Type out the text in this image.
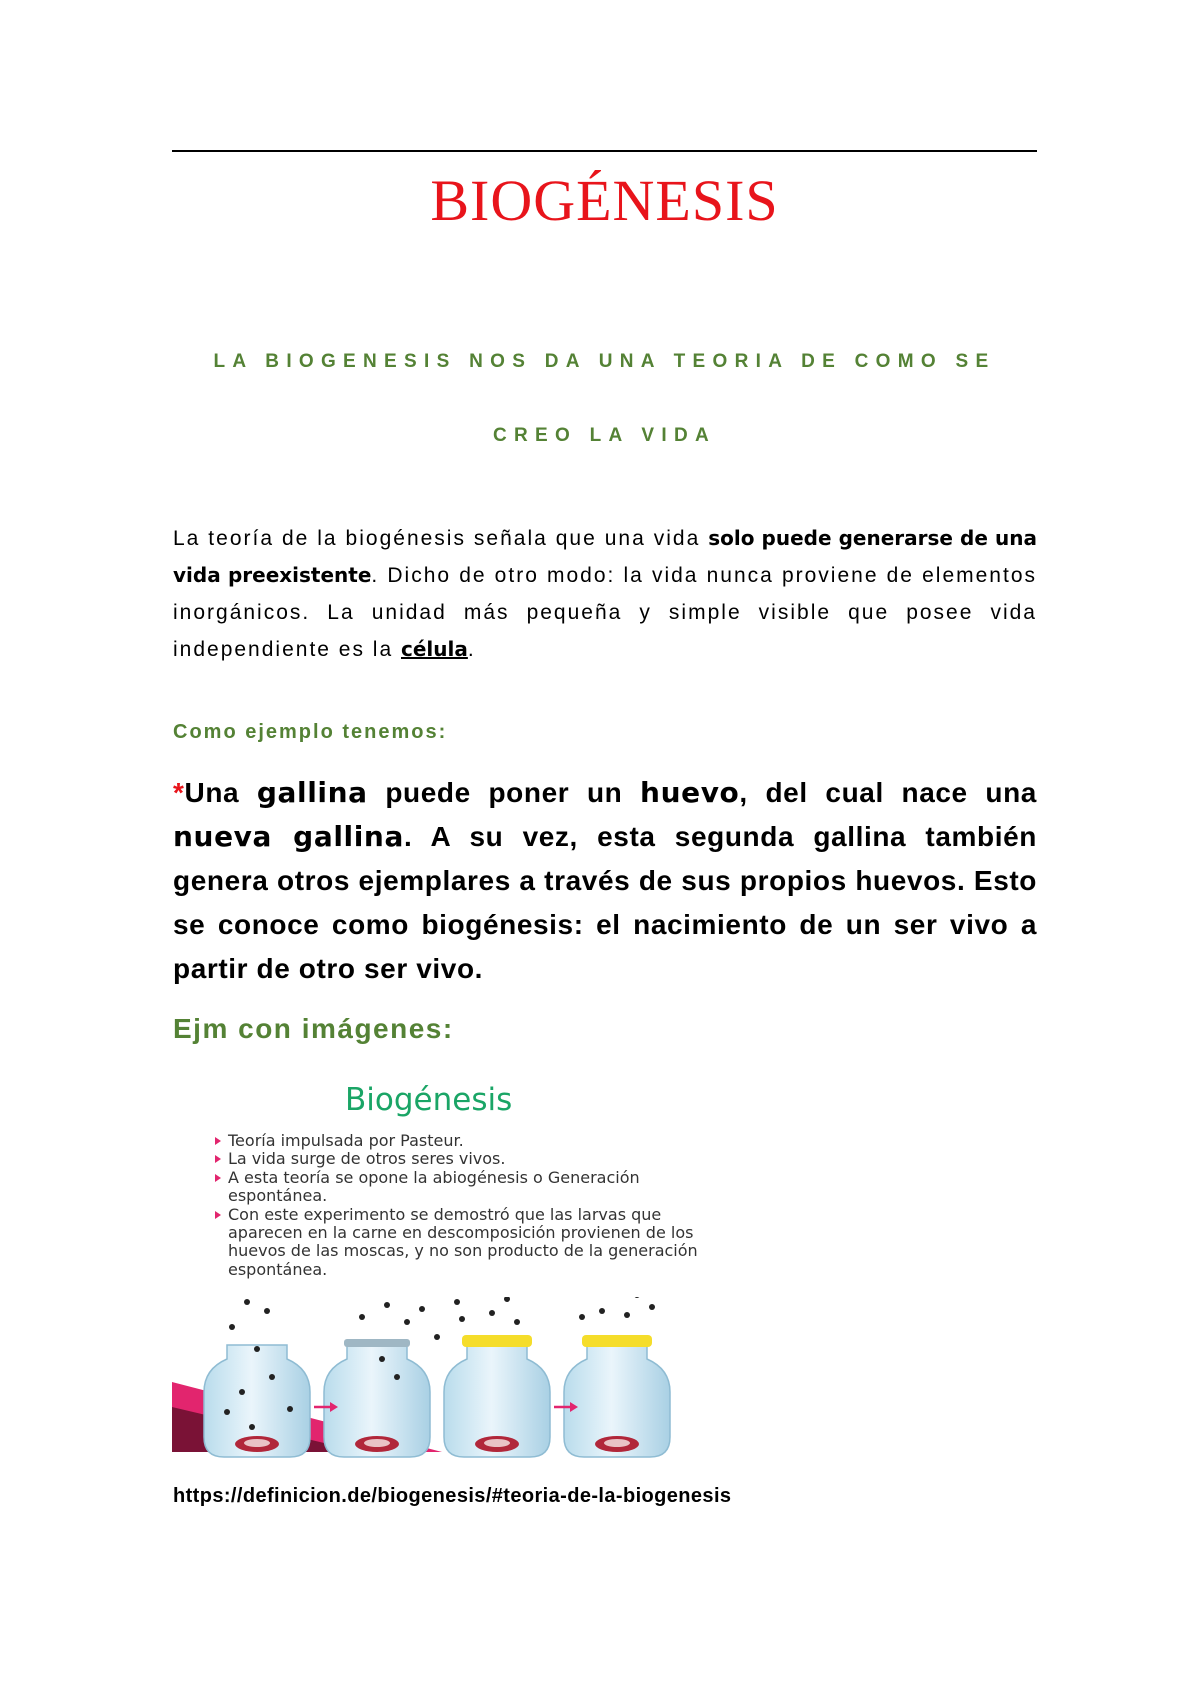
BIOGÉNESIS
LA BIOGENESIS NOS DA UNA TEORIA DE COMO SE
CREO LA VIDA

La teoría de la biogénesis señala que una vida solo puede generarse de una vida preexistente. Dicho de otro modo: la vida nunca proviene de elementos inorgánicos. La unidad más pequeña y simple visible que posee vida independiente es la célula.

Como ejemplo tenemos:

*Una gallina puede poner un huevo, del cual nace una nueva gallina. A su vez, esta segunda gallina también genera otros ejemplares a través de sus propios huevos. Esto se conoce como biogénesis: el nacimiento de un ser vivo a partir de otro ser vivo.

Ejm con imágenes:
Biogénesis
Teoría impulsada por Pasteur.
La vida surge de otros seres vivos.
A esta teoría se opone la abiogénesis o Generación espontánea.
Con este experimento se demostró que las larvas que aparecen en la carne en descomposición provienen de los huevos de las moscas, y no son producto de la generación espontánea.
https://definicion.de/biogenesis/#teoria-de-la-biogenesis
